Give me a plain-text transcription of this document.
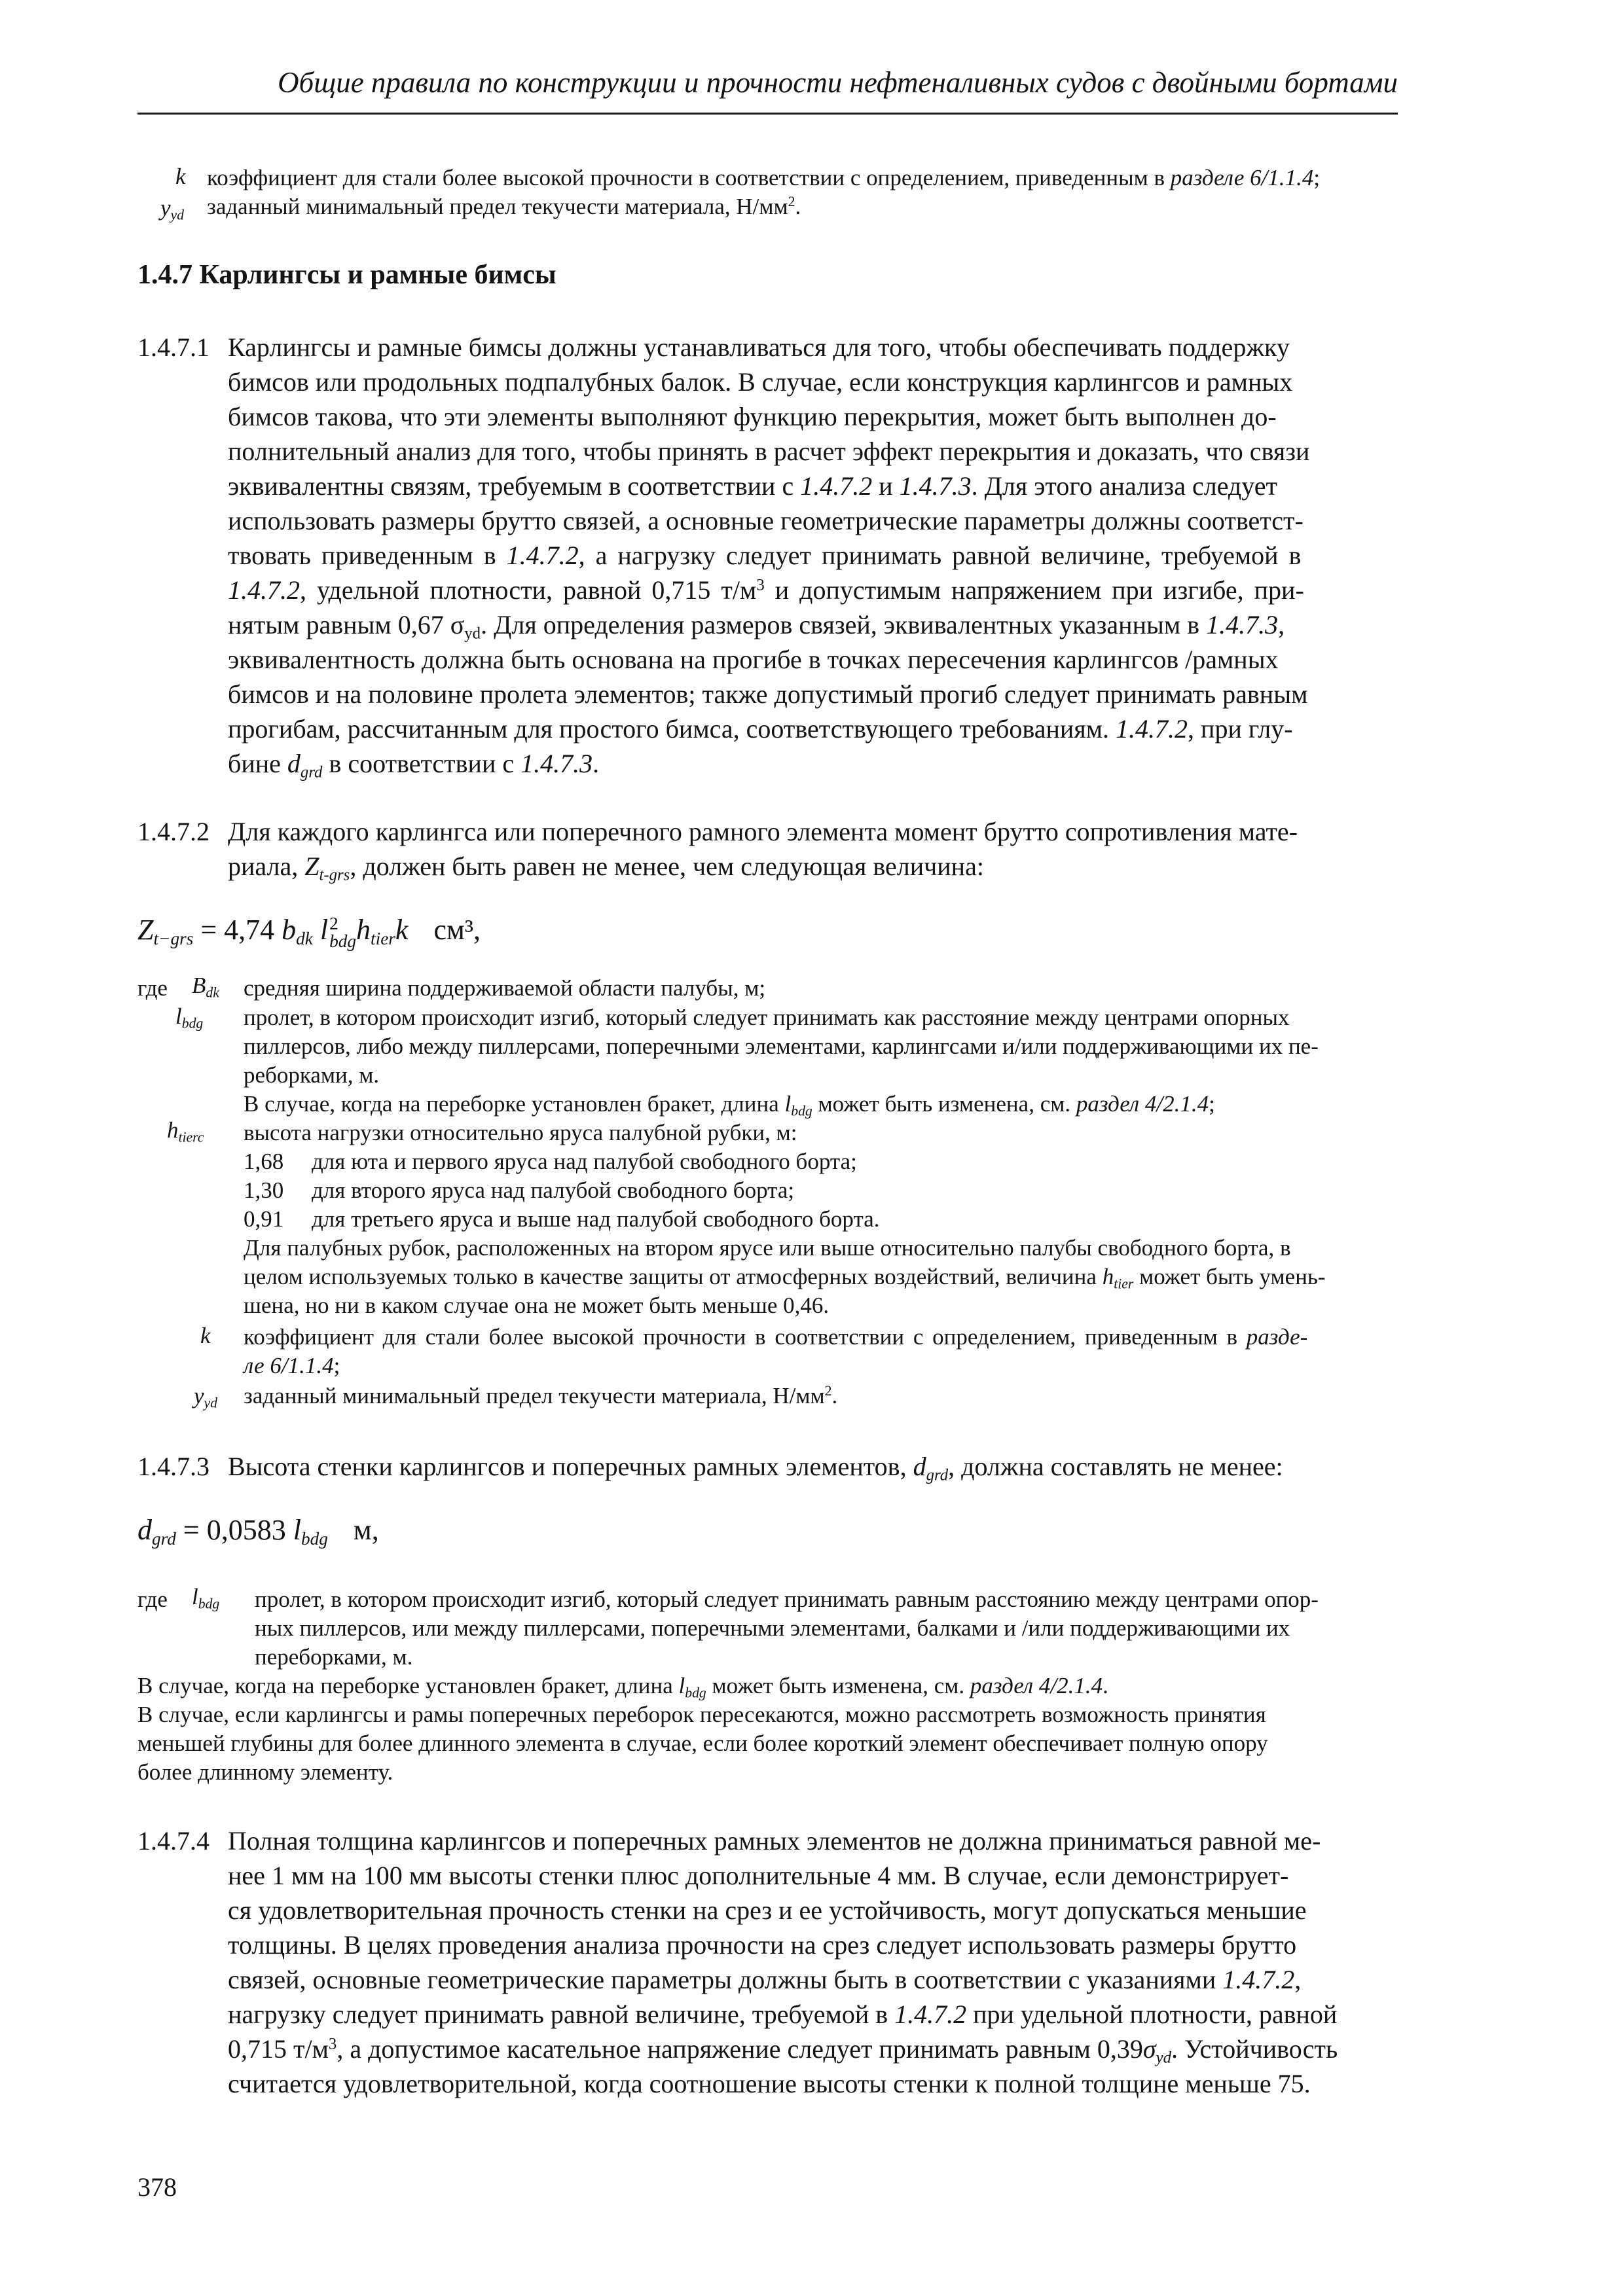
Общие правила по конструкции и прочности нефтеналивных судов с двойными бортами
k коэффициент для стали более высокой прочности в соответствии с определением, приведенным в разделе 6/1.1.4;
$y_{yd}$ заданный минимальный предел текучести материала, $Н/мм^2$.
1.4.7 Карлингсы и рамные бимсы
1.4.7.1 Карлингсы и рамные бимсы должны устанавливаться для того, чтобы обеспечивать поддержку
бимсов или продольных подпалубных балок. В случае, если конструкция карлингсов и рамных
бимсов такова, что эти элементы выполняют функцию перекрытия, может быть выполнен до-
полнительный анализ для того, чтобы принять в расчет эффект перекрытия и доказать, что связи
эквивалентны связям, требуемым в соответствии с 1.4.7.2 и 1.4.7.3. Для этого анализа следует
использовать размеры брутто связей, а основные геометрические параметры должны соответст-
твовать приведенным в 1.4.7.2, а нагрузку следует принимать равной величине, требуемой в
1.4.7.2, удельной плотности, равной 0,715 $т/м^3$ и допустимым напряжением при изгибе, при-
нятым равным 0,67 $\sigma_{yd}$. Для определения размеров связей, эквивалентных указанным в 1.4.7.3,
эквивалентность должна быть основана на прогибе в точках пересечения карлингсов /рамных
бимсов и на половине пролета элементов; также допустимый прогиб следует принимать равным
прогибам, рассчитанным для простого бимса, соответствующего требованиям. 1.4.7.2, при глу-
бине $d_{grd}$ в соответствии с 1.4.7.3.
1.4.7.2 Для каждого карлингса или поперечного рамного элемента момент брутто сопротивления мате-
риала, $Z_{t-grs}$, должен быть равен не менее, чем следующая величина:
$Z_{t-grs} = 4,74$ $b_{dk}$ l 2
bdg $h_{tier}k$ см³,
где $B_{dk}$ средняя ширина поддерживаемой области палубы, м;
$l_{bdg}$ пролет, в котором происходит изгиб, который следует принимать как расстояние между центрами опорных
пиллерсов, либо между пиллерсами, поперечными элементами, карлингсами и/или поддерживающими их пе-
реборками, м.
В случае, когда на переборке установлен бракет, длина $l_{bdg}$ может быть изменена, см. раздел 4/2.1.4;
$h_{tierc}$ высота нагрузки относительно яруса палубной рубки, м:
1,68 для юта и первого яруса над палубой свободного борта;
1,30 для второго яруса над палубой свободного борта;
0,91 для третьего яруса и выше над палубой свободного борта.
Для палубных рубок, расположенных на втором ярусе или выше относительно палубы свободного борта, в
целом используемых только в качестве защиты от атмосферных воздействий, величина $h_{tier}$ может быть умень-
шена, но ни в каком случае она не может быть меньше 0,46.
k коэффициент для стали более высокой прочности в соответствии с определением, приведенным в разде-
ле 6/1.1.4;
$y_{yd}$ заданный минимальный предел текучести материала, $Н/мм^2$.
1.4.7.3 Высота стенки карлингсов и поперечных рамных элементов, $d_{grd}$, должна составлять не менее:
$d_{grd} = 0,0583$ $l_{bdg}$ м,
где $l_{bdg}$ пролет, в котором происходит изгиб, который следует принимать равным расстоянию между центрами опор-
ных пиллерсов, или между пиллерсами, поперечными элементами, балками и /или поддерживающими их
переборками, м.
В случае, когда на переборке установлен бракет, длина $l_{bdg}$ может быть изменена, см. раздел 4/2.1.4.
В случае, если карлингсы и рамы поперечных переборок пересекаются, можно рассмотреть возможность принятия
меньшей глубины для более длинного элемента в случае, если более короткий элемент обеспечивает полную опору
более длинному элементу.
1.4.7.4 Полная толщина карлингсов и поперечных рамных элементов не должна приниматься равной ме-
нее 1 мм на 100 мм высоты стенки плюс дополнительные 4 мм. В случае, если демонстрирует-
ся удовлетворительная прочность стенки на срез и ее устойчивость, могут допускаться меньшие
толщины. В целях проведения анализа прочности на срез следует использовать размеры брутто
связей, основные геометрические параметры должны быть в соответствии с указаниями 1.4.7.2,
нагрузку следует принимать равной величине, требуемой в 1.4.7.2 при удельной плотности, равной
0,715 $т/м^3$, а допустимое касательное напряжение следует принимать равным $0,39\sigma_{yd}$. Устойчивость
считается удовлетворительной, когда соотношение высоты стенки к полной толщине меньше 75.
378
